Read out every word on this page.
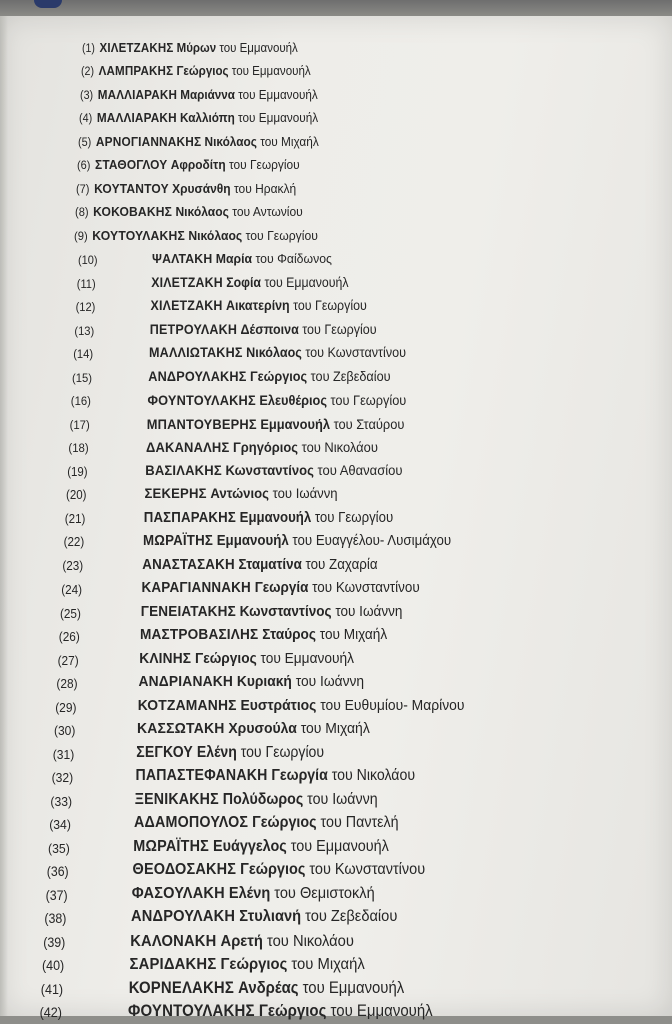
(1) ΧΙΛΕΤΖΑΚΗΣ Μύρων του Εμμανουήλ
(2) ΛΑΜΠΡΑΚΗΣ Γεώργιος του Εμμανουήλ
(3) ΜΑΛΛΙΑΡΑΚΗ Μαριάννα του Εμμανουήλ
(4) ΜΑΛΛΙΑΡΑΚΗ Καλλιόπη του Εμμανουήλ
(5) ΑΡΝΟΓΙΑΝΝΑΚΗΣ Νικόλαος του Μιχαήλ
(6) ΣΤΑΘΟΓΛΟΥ Αφροδίτη του Γεωργίου
(7) ΚΟΥΤΑΝΤΟΥ Χρυσάνθη του Ηρακλή
(8) ΚΟΚΟΒΑΚΗΣ Νικόλαος του Αντωνίου
(9) ΚΟΥΤΟΥΛΑΚΗΣ Νικόλαος του Γεωργίου
(10)	ΨΑΛΤΑΚΗ Μαρία του Φαίδωνος
(11)	ΧΙΛΕΤΖΑΚΗ Σοφία του Εμμανουήλ
(12)	ΧΙΛΕΤΖΑΚΗ Αικατερίνη του Γεωργίου
(13)	ΠΕΤΡΟΥΛΑΚΗ Δέσποινα του Γεωργίου
(14)	ΜΑΛΛΙΩΤΑΚΗΣ Νικόλαος του Κωνσταντίνου
(15)	ΑΝΔΡΟΥΛΑΚΗΣ Γεώργιος του Ζεβεδαίου
(16)	ΦΟΥΝΤΟΥΛΑΚΗΣ Ελευθέριος του Γεωργίου
(17)	ΜΠΑΝΤΟΥΒΕΡΗΣ Εμμανουήλ του Σταύρου
(18)	ΔΑΚΑΝΑΛΗΣ Γρηγόριος του Νικολάου
(19)	ΒΑΣΙΛΑΚΗΣ Κωνσταντίνος του Αθανασίου
(20)	ΣΕΚΕΡΗΣ Αντώνιος του Ιωάννη
(21)	ΠΑΣΠΑΡΑΚΗΣ Εμμανουήλ του Γεωργίου
(22)	ΜΩΡΑΪΤΗΣ Εμμανουήλ του Ευαγγέλου- Λυσιμάχου
(23)	ΑΝΑΣΤΑΣΑΚΗ Σταματίνα του Ζαχαρία
(24)	ΚΑΡΑΓΙΑΝΝΑΚΗ Γεωργία του Κωνσταντίνου
(25)	ΓΕΝΕΙΑΤΑΚΗΣ Κωνσταντίνος του Ιωάννη
(26)	ΜΑΣΤΡΟΒΑΣΙΛΗΣ Σταύρος του Μιχαήλ
(27)	ΚΛΙΝΗΣ Γεώργιος του Εμμανουήλ
(28)	ΑΝΔΡΙΑΝΑΚΗ Κυριακή του Ιωάννη
(29)	ΚΟΤΖΑΜΑΝΗΣ Ευστράτιος του Ευθυμίου- Μαρίνου
(30)	ΚΑΣΣΩΤΑΚΗ Χρυσούλα του Μιχαήλ
(31)	ΣΕΓΚΟΥ Ελένη του Γεωργίου
(32)	ΠΑΠΑΣΤΕΦΑΝΑΚΗ Γεωργία του Νικολάου
(33)	ΞΕΝΙΚΑΚΗΣ Πολύδωρος του Ιωάννη
(34)	ΑΔΑΜΟΠΟΥΛΟΣ Γεώργιος του Παντελή
(35)	ΜΩΡΑΪΤΗΣ Ευάγγελος του Εμμανουήλ
(36)	ΘΕΟΔΟΣΑΚΗΣ Γεώργιος του Κωνσταντίνου
(37)	ΦΑΣΟΥΛΑΚΗ Ελένη του Θεμιστοκλή
(38)	ΑΝΔΡΟΥΛΑΚΗ Στυλιανή του Ζεβεδαίου
(39)	ΚΑΛΟΝΑΚΗ Αρετή του Νικολάου
(40)	ΣΑΡΙΔΑΚΗΣ Γεώργιος του Μιχαήλ
(41)	ΚΟΡΝΕΛΑΚΗΣ Ανδρέας του Εμμανουήλ
(42)	ΦΟΥΝΤΟΥΛΑΚΗΣ Γεώργιος του Εμμανουήλ
